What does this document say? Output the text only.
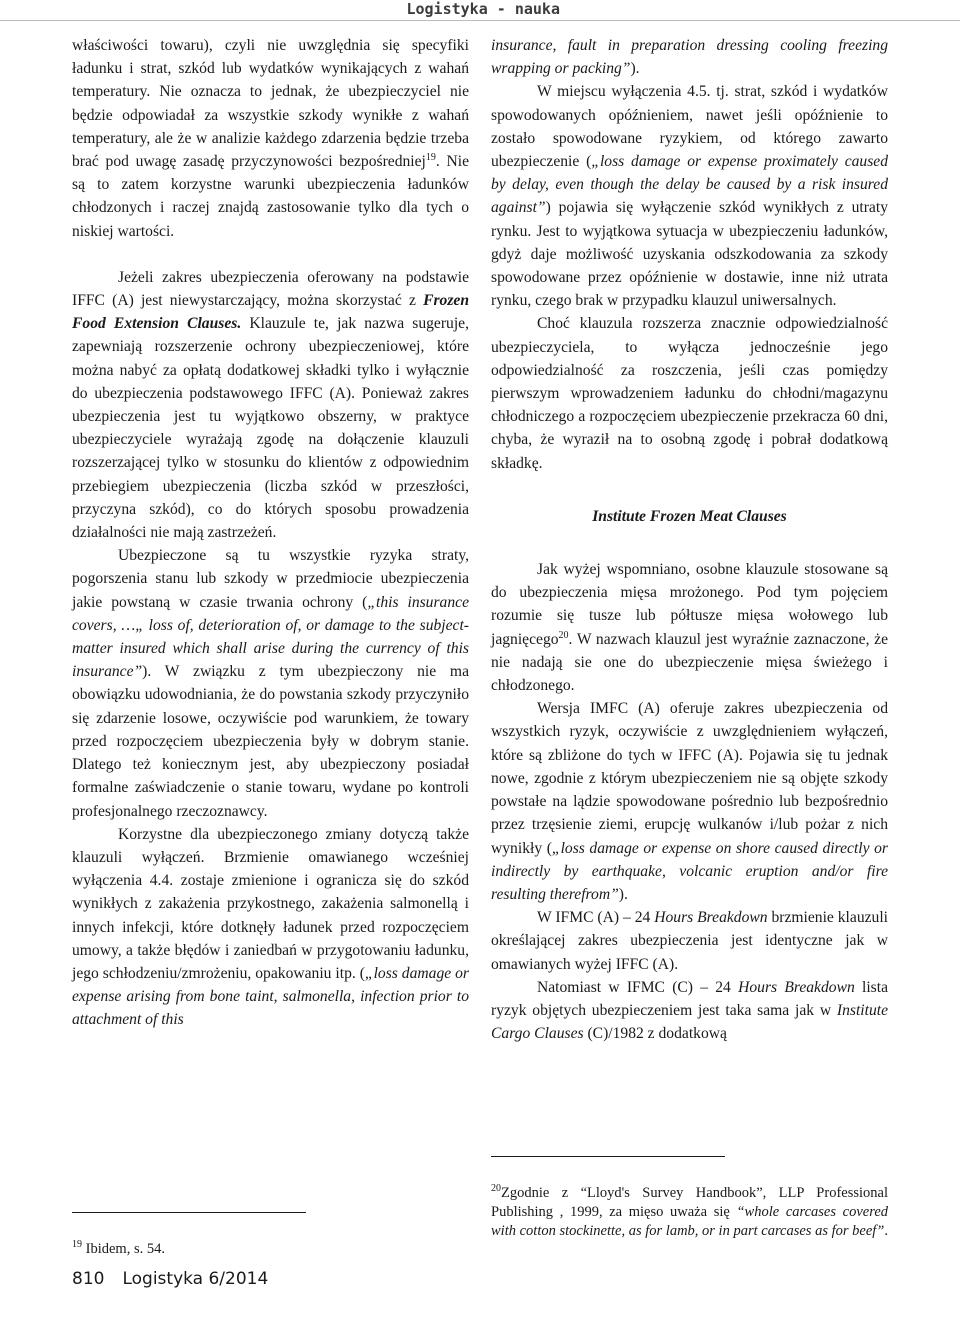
Logistyka - nauka

właściwości towaru), czyli nie uwzględnia się specyfiki ładunku i strat, szkód lub wydatków wynikających z wahań temperatury. Nie oznacza to jednak, że ubezpieczyciel nie będzie odpowiadał za wszystkie szkody wynikłe z wahań temperatury, ale że w analizie każdego zdarzenia będzie trzeba brać pod uwagę zasadę przyczynowości bezpośredniej$^{19}$. Nie są to zatem korzystne warunki ubezpieczenia ładunków chłodzonych i raczej znajdą zastosowanie tylko dla tych o niskiej wartości.

Jeżeli zakres ubezpieczenia oferowany na podstawie IFFC (A) jest niewystarczający, można skorzystać z Frozen Food Extension Clauses. Klauzule te, jak nazwa sugeruje, zapewniają rozszerzenie ochrony ubezpieczeniowej, które można nabyć za opłatą dodatkowej składki tylko i wyłącznie do ubezpieczenia podstawowego IFFC (A). Ponieważ zakres ubezpieczenia jest tu wyjątkowo obszerny, w praktyce ubezpieczyciele wyrażają zgodę na dołączenie klauzuli rozszerzającej tylko w stosunku do klientów z odpowiednim przebiegiem ubezpieczenia (liczba szkód w przeszłości, przyczyna szkód), co do których sposobu prowadzenia działalności nie mają zastrzeżeń.

Ubezpieczone są tu wszystkie ryzyka straty, pogorszenia stanu lub szkody w przedmiocie ubezpieczenia jakie powstaną w czasie trwania ochrony („this insurance covers, …„ loss of, deterioration of, or damage to the subject-matter insured which shall arise during the currency of this insurance”). W związku z tym ubezpieczony nie ma obowiązku udowodniania, że do powstania szkody przyczyniło się zdarzenie losowe, oczywiście pod warunkiem, że towary przed rozpoczęciem ubezpieczenia były w dobrym stanie. Dlatego też koniecznym jest, aby ubezpieczony posiadał formalne zaświadczenie o stanie towaru, wydane po kontroli profesjonalnego rzeczoznawcy.

Korzystne dla ubezpieczonego zmiany dotyczą także klauzuli wyłączeń. Brzmienie omawianego wcześniej wyłączenia 4.4. zostaje zmienione i ogranicza się do szkód wynikłych z zakażenia przykostnego, zakażenia salmonellą i innych infekcji, które dotknęły ładunek przed rozpoczęciem umowy, a także błędów i zaniedbań w przygotowaniu ładunku, jego schłodzeniu/zmrożeniu, opakowaniu itp. („loss damage or expense arising from bone taint, salmonella, infection prior to attachment of this

insurance, fault in preparation dressing cooling freezing wrapping or packing”).

W miejscu wyłączenia 4.5. tj. strat, szkód i wydatków spowodowanych opóźnieniem, nawet jeśli opóźnienie to zostało spowodowane ryzykiem, od którego zawarto ubezpieczenie („loss damage or expense proximately caused by delay, even though the delay be caused by a risk insured against”) pojawia się wyłączenie szkód wynikłych z utraty rynku. Jest to wyjątkowa sytuacja w ubezpieczeniu ładunków, gdyż daje możliwość uzyskania odszkodowania za szkody spowodowane przez opóźnienie w dostawie, inne niż utrata rynku, czego brak w przypadku klauzul uniwersalnych.

Choć klauzula rozszerza znacznie odpowiedzialność ubezpieczyciela, to wyłącza jednocześnie jego odpowiedzialność za roszczenia, jeśli czas pomiędzy pierwszym wprowadzeniem ładunku do chłodni/magazynu chłodniczego a rozpoczęciem ubezpieczenie przekracza 60 dni, chyba, że wyraził na to osobną zgodę i pobrał dodatkową składkę.

Institute Frozen Meat Clauses

Jak wyżej wspomniano, osobne klauzule stosowane są do ubezpieczenia mięsa mrożonego. Pod tym pojęciem rozumie się tusze lub półtusze mięsa wołowego lub jagnięcego$^{20}$. W nazwach klauzul jest wyraźnie zaznaczone, że nie nadają sie one do ubezpieczenie mięsa świeżego i chłodzonego.

Wersja IMFC (A) oferuje zakres ubezpieczenia od wszystkich ryzyk, oczywiście z uwzględnieniem wyłączeń, które są zbliżone do tych w IFFC (A). Pojawia się tu jednak nowe, zgodnie z którym ubezpieczeniem nie są objęte szkody powstałe na lądzie spowodowane pośrednio lub bezpośrednio przez trzęsienie ziemi, erupcję wulkanów i/lub pożar z nich wynikły („loss damage or expense on shore caused directly or indirectly by earthquake, volcanic eruption and/or fire resulting therefrom”).

W IFMC (A) – 24 Hours Breakdown brzmienie klauzuli określającej zakres ubezpieczenia jest identyczne jak w omawianych wyżej IFFC (A).

Natomiast w IFMC (C) – 24 Hours Breakdown lista ryzyk objętych ubezpieczeniem jest taka sama jak w Institute Cargo Clauses (C)/1982 z dodatkową

$^{19}$ Ibidem, s. 54.
$^{20}$Zgodnie z “Lloyd's Survey Handbook”, LLP Professional Publishing , 1999, za mięso uważa się “whole carcases covered with cotton stockinette, as for lamb, or in part carcases as for beef”.
810 Logistyka 6/2014
